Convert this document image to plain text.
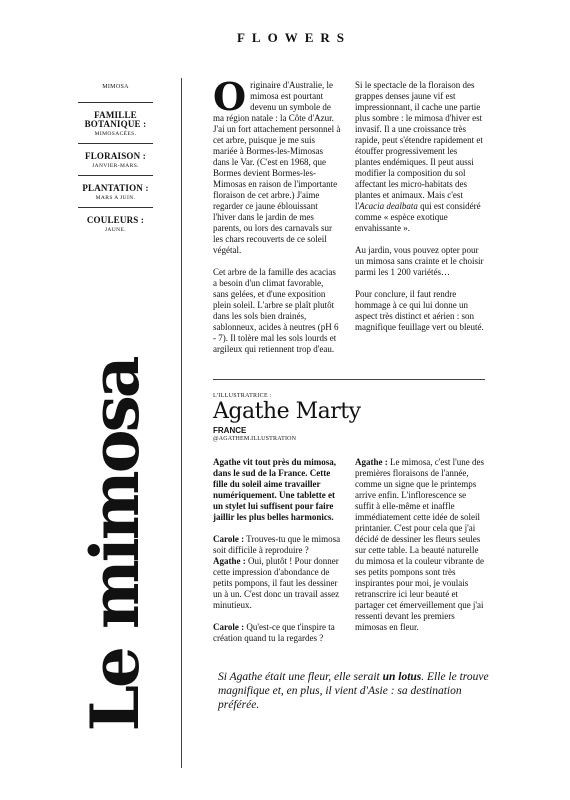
FLOWERS
MIMOSA
FAMILLE BOTANIQUE :
MIMOSACÉES.
FLORAISON :
JANVIER-MARS.
PLANTATION :
MARS A JUIN.
COULEURS :
JAUNE.
Le mimosa

Originaire d'Australie, le mimosa est pourtant devenu un symbole de ma région natale : la Côte d'Azur. J'ai un fort attachement personnel à cet arbre, puisque je me suis mariée à Bormes-les-Mimosas dans le Var. (C'est en 1968, que Bormes devient Bormes-les-Mimosas en raison de l'importante floraison de cet arbre.) J'aime regarder ce jaune éblouissant l'hiver dans le jardin de mes parents, ou lors des carnavals sur les chars recouverts de ce soleil végétal.

Cet arbre de la famille des acacias a besoin d'un climat favorable, sans gelées, et d'une exposition plein soleil. L'arbre se plaît plutôt dans les sols bien drainés, sablonneux, acides à neutres (pH 6 - 7). Il tolère mal les sols lourds et argileux qui retiennent trop d'eau.

Si le spectacle de la floraison des grappes denses jaune vif est impressionnant, il cache une partie plus sombre : le mimosa d'hiver est invasif. Il a une croissance très rapide, peut s'étendre rapidement et étouffer progressivement les plantes endémiques. Il peut aussi modifier la composition du sol affectant les micro-habitats des plantes et animaux. Mais c'est l'Acacia dealbata qui est considéré comme « espèce exotique envahissante ».

Au jardin, vous pouvez opter pour un mimosa sans crainte et le choisir parmi les 1 200 variétés…

Pour conclure, il faut rendre hommage à ce qui lui donne un aspect très distinct et aérien : son magnifique feuillage vert ou bleuté.

L'ILLUSTRATRICE :
Agathe Marty
FRANCE
@AGATHEM.ILLUSTRATION

Agathe vit tout près du mimosa, dans le sud de la France. Cette fille du soleil aime travailler numériquement. Une tablette et un stylet lui suffisent pour faire jaillir les plus belles harmonics.

Carole : Trouves-tu que le mimosa soit difficile à reproduire ?
Agathe : Oui, plutôt ! Pour donner cette impression d'abondance de petits pompons, il faut les dessiner un à un. C'est donc un travail assez minutieux.

Carole : Qu'est-ce que t'inspire ta création quand tu la regardes ?

Agathe : Le mimosa, c'est l'une des premières floraisons de l'année, comme un signe que le printemps arrive enfin. L'inflorescence se suffit à elle-même et inaffle immédiatement cette idée de soleil printanier. C'est pour cela que j'ai décidé de dessiner les fleurs seules sur cette table. La beauté naturelle du mimosa et la couleur vibrante de ses petits pompons sont très inspirantes pour moi, je voulais retranscrire ici leur beauté et partager cet émerveillement que j'ai ressenti devant les premiers mimosas en fleur.

Si Agathe était une fleur, elle serait un lotus. Elle le trouve magnifique et, en plus, il vient d'Asie : sa destination préférée.
